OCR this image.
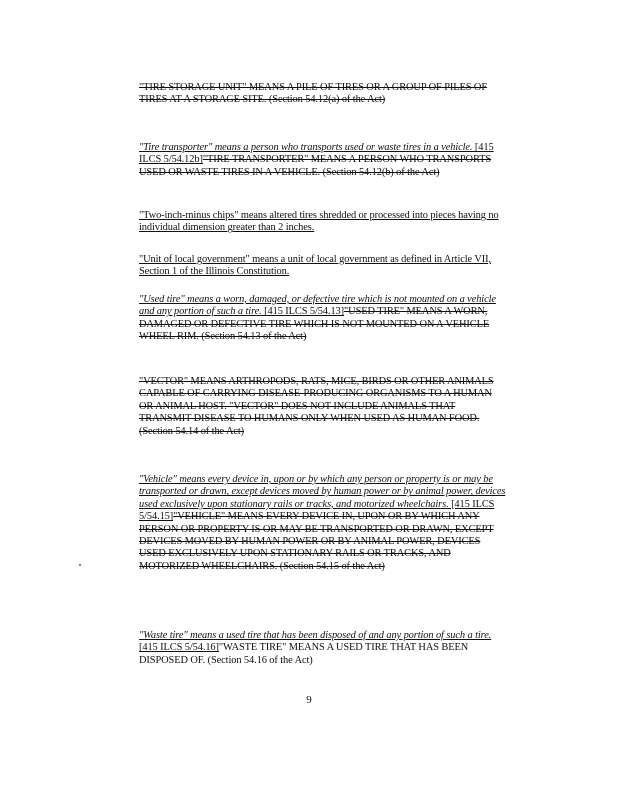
"TIRE STORAGE UNIT" MEANS A PILE OF TIRES OR A GROUP OF PILES OF TIRES AT A STORAGE SITE. (Section 54.12(a) of the Act)

"Tire transporter" means a person who transports used or waste tires in a vehicle. [415 ILCS 5/54.12b]"TIRE TRANSPORTER" MEANS A PERSON WHO TRANSPORTS USED OR WASTE TIRES IN A VEHICLE. (Section 54.12(b) of the Act)

"Two-inch-minus chips" means altered tires shredded or processed into pieces having no individual dimension greater than 2 inches.

"Unit of local government" means a unit of local government as defined in Article VII, Section 1 of the Illinois Constitution.

"Used tire" means a worn, damaged, or defective tire which is not mounted on a vehicle and any portion of such a tire. [415 ILCS 5/54.13]"USED TIRE" MEANS A WORN, DAMAGED OR DEFECTIVE TIRE WHICH IS NOT MOUNTED ON A VEHICLE WHEEL RIM. (Section 54.13 of the Act)

"VECTOR" MEANS ARTHROPODS, RATS, MICE, BIRDS OR OTHER ANIMALS CAPABLE OF CARRYING DISEASE-PRODUCING ORGANISMS TO A HUMAN OR ANIMAL HOST. "VECTOR" DOES NOT INCLUDE ANIMALS THAT TRANSMIT DISEASE TO HUMANS ONLY WHEN USED AS HUMAN FOOD. (Section 54.14 of the Act)

"Vehicle" means every device in, upon or by which any person or property is or may be transported or drawn, except devices moved by human power or by animal power, devices used exclusively upon stationary rails or tracks, and motorized wheelchairs. [415 ILCS 5/54.15]"VEHICLE" MEANS EVERY DEVICE IN, UPON OR BY WHICH ANY PERSON OR PROPERTY IS OR MAY BE TRANSPORTED OR DRAWN, EXCEPT DEVICES MOVED BY HUMAN POWER OR BY ANIMAL POWER, DEVICES USED EXCLUSIVELY UPON STATIONARY RAILS OR TRACKS, AND MOTORIZED WHEELCHAIRS. (Section 54.15 of the Act)

"Waste tire" means a used tire that has been disposed of and any portion of such a tire. [415 ILCS 5/54.16]"WASTE TIRE" MEANS A USED TIRE THAT HAS BEEN DISPOSED OF. (Section 54.16 of the Act)

9
